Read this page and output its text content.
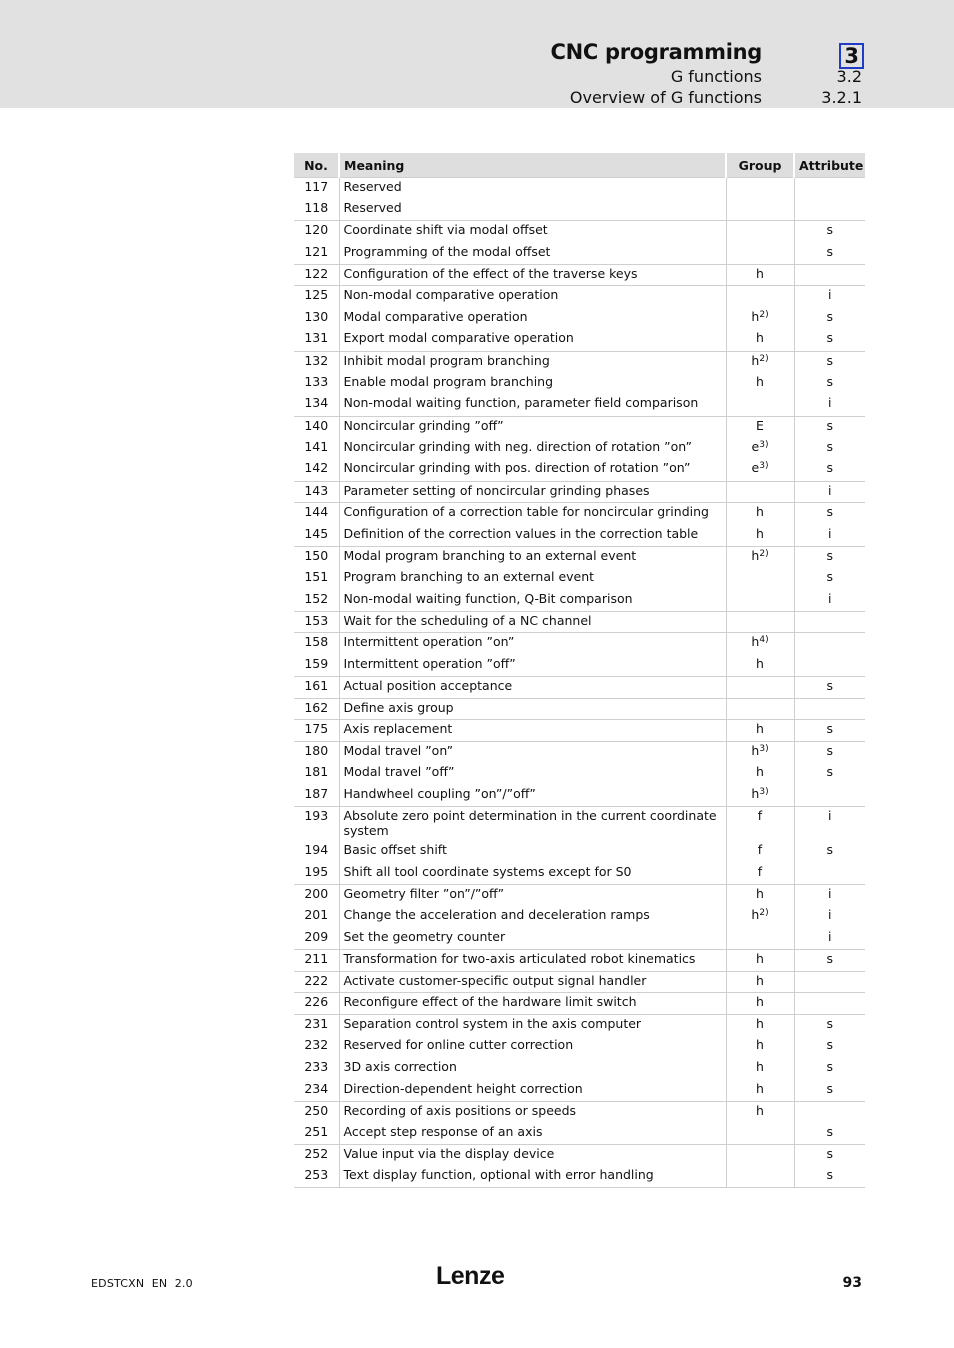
CNC programming	3
G functions	3.2
Overview of G functions	3.2.1
No.	Meaning	Group	Attribute
117	Reserved		
118	Reserved		
120	Coordinate shift via modal offset		s
121	Programming of the modal offset		s
122	Configuration of the effect of the traverse keys	h	
125	Non-modal comparative operation		i
130	Modal comparative operation	$h^{2)}$	s
131	Export modal comparative operation	h	s
132	Inhibit modal program branching	$h^{2)}$	s
133	Enable modal program branching	h	s
134	Non-modal waiting function, parameter field comparison		i
140	Noncircular grinding ”off”	E	s
141	Noncircular grinding with neg. direction of rotation ”on”	$e^{3)}$	s
142	Noncircular grinding with pos. direction of rotation ”on”	$e^{3)}$	s
143	Parameter setting of noncircular grinding phases		i
144	Configuration of a correction table for noncircular grinding	h	s
145	Definition of the correction values in the correction table	h	i
150	Modal program branching to an external event	$h^{2)}$	s
151	Program branching to an external event		s
152	Non-modal waiting function, Q-Bit comparison		i
153	Wait for the scheduling of a NC channel		
158	Intermittent operation ”on”	$h^{4)}$	
159	Intermittent operation ”off”	h	
161	Actual position acceptance		s
162	Define axis group		
175	Axis replacement	h	s
180	Modal travel ”on”	$h^{3)}$	s
181	Modal travel ”off”	h	s
187	Handwheel coupling ”on”/”off”	$h^{3)}$	
193	Absolute zero point determination in the current coordinate system	f	i
194	Basic offset shift	f	s
195	Shift all tool coordinate systems except for S0	f	
200	Geometry filter ”on”/”off”	h	i
201	Change the acceleration and deceleration ramps	$h^{2)}$	i
209	Set the geometry counter		i
211	Transformation for two-axis articulated robot kinematics	h	s
222	Activate customer-specific output signal handler	h	
226	Reconfigure effect of the hardware limit switch	h	
231	Separation control system in the axis computer	h	s
232	Reserved for online cutter correction	h	s
233	3D axis correction	h	s
234	Direction-dependent height correction	h	s
250	Recording of axis positions or speeds	h	
251	Accept step response of an axis		s
252	Value input via the display device		s
253	Text display function, optional with error handling		s
EDSTCXN EN 2.0	Lenze	93
